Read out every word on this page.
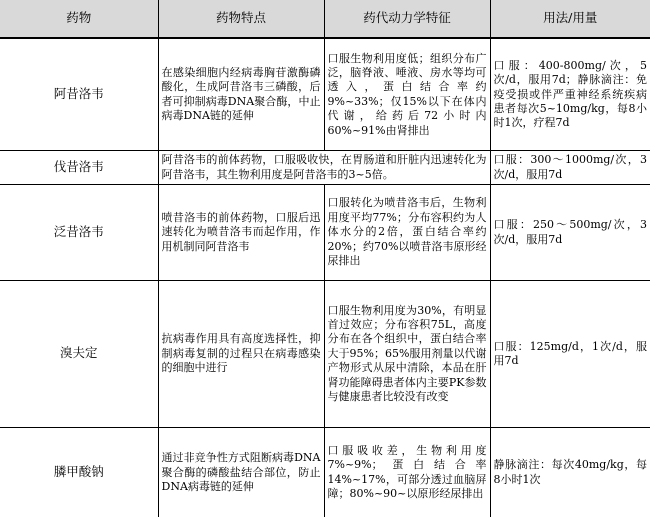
药物	药物特点	药代动力学特征	用法/用量
阿昔洛韦	在感染细胞内经病毒胸苷激酶磷酸化，生成阿昔洛韦三磷酸，后者可抑制病毒DNA聚合酶，中止病毒DNA链的延伸	口服生物利用度低；组织分布广泛，脑脊液、唾液、房水等均可透入，蛋白结合率约9%~33%；仅15%以下在体内代谢，给药后72小时内60%~91%由肾排出	口服：400-800mg/次，5次/d，服用7d；静脉滴注：免疫受损或伴严重神经系统疾病患者每次5~10mg/kg，每8小时1次，疗程7d
伐昔洛韦	阿昔洛韦的前体药物，口服吸收快，在胃肠道和肝脏内迅速转化为阿昔洛韦，其生物利用度是阿昔洛韦的3~5倍。		口服：300～1000mg/次，3次/d，服用7d
泛昔洛韦	喷昔洛韦的前体药物，口服后迅速转化为喷昔洛韦而起作用，作用机制同阿昔洛韦	口服转化为喷昔洛韦后，生物利用度平均77%；分布容积约为人体水分的2倍，蛋白结合率约20%；约70%以喷昔洛韦原形经尿排出	口服：250～500mg/次，3次/d，服用7d
溴夫定	抗病毒作用具有高度选择性，抑制病毒复制的过程只在病毒感染的细胞中进行	口服生物利用度为30%，有明显首过效应；分布容积75L，高度分布在各个组织中，蛋白结合率大于95%；65%服用剂量以代谢产物形式从尿中清除，本品在肝肾功能障碍患者体内主要PK参数与健康患者比较没有改变	口服：125mg/d，1次/d，服用7d
膦甲酸钠	通过非竞争性方式阻断病毒DNA聚合酶的磷酸盐结合部位，防止DNA病毒链的延伸	口服吸收差，生物利用度7%~9%；蛋白结合率14%~17%，可部分透过血脑屏障；80%~90~以原形经尿排出	静脉滴注：每次40mg/kg，每8小时1次
